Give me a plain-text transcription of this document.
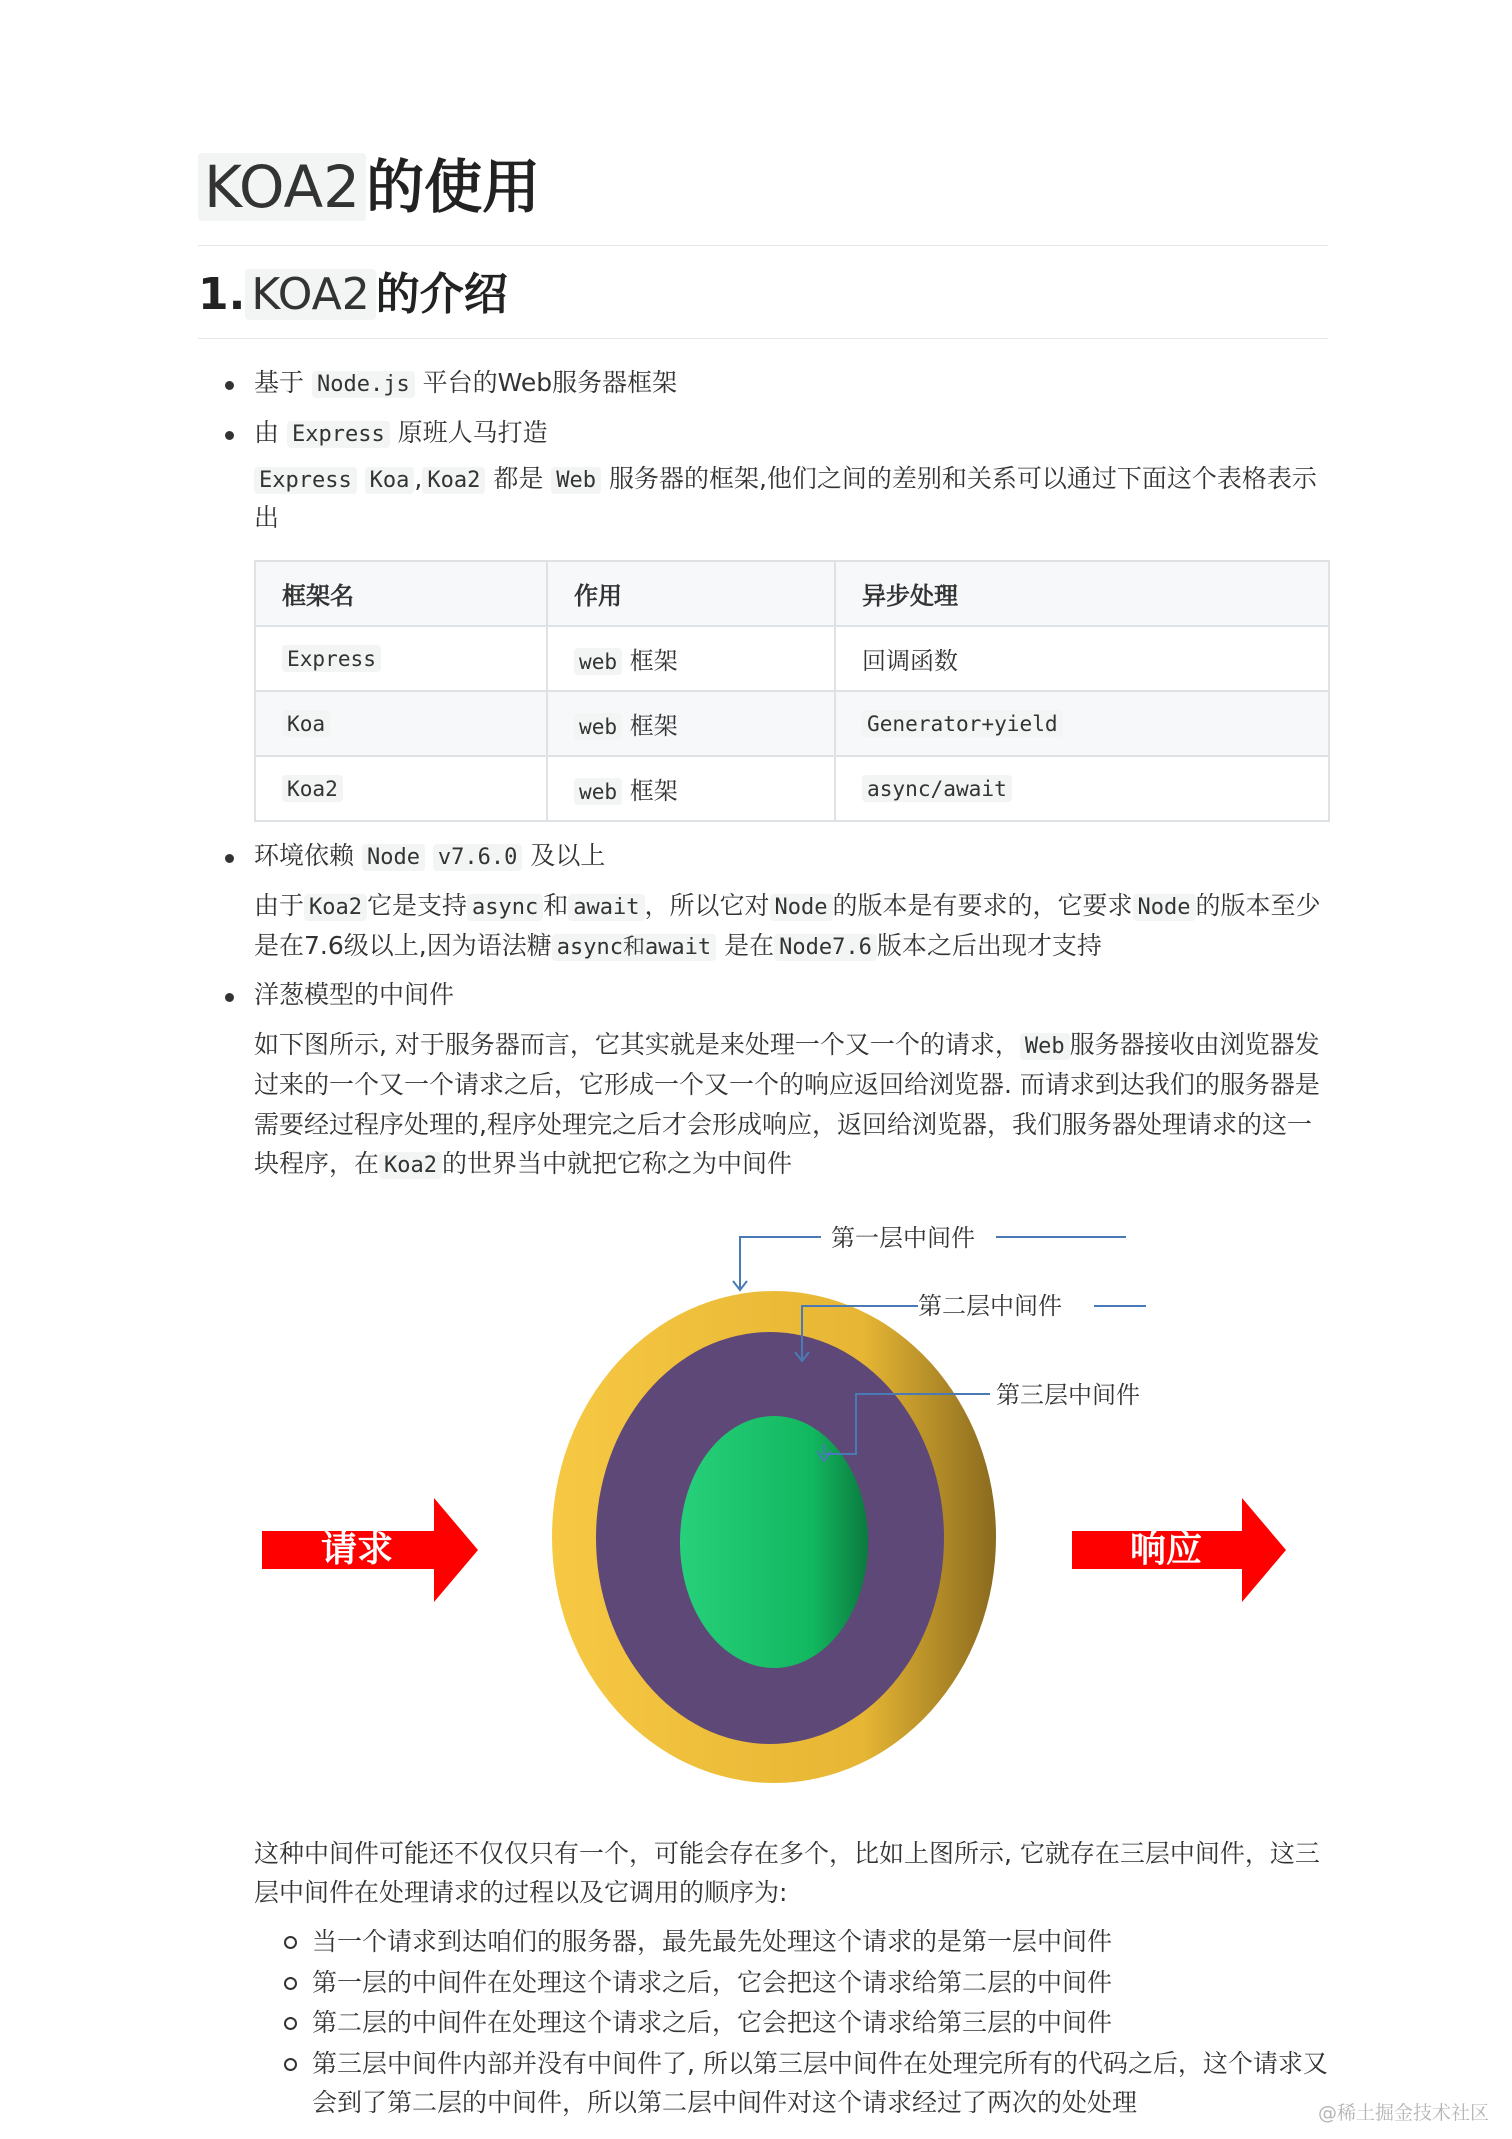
KOA2 的使用
1. KOA2 的介绍
基于 Node.js 平台的Web服务器框架
由 Express 原班人马打造

Express Koa , Koa2 都是 Web 服务器的框架,他们之间的差别和关系可以通过下面这个表格表示出

框架名	作用	异步处理
Express	web 框架	回调函数
Koa	web 框架	Generator+yield
Koa2	web 框架	async/await
环境依赖 Node v7.6.0 及以上

由于 Koa2 它是支持 async 和 await ，所以它对 Node 的版本是有要求的，它要求 Node 的版本至少是在7.6级以上,因为语法糖 async和await 是在 Node7.6 版本之后出现才支持

洋葱模型的中间件

如下图所示, 对于服务器而言，它其实就是来处理一个又一个的请求， Web 服务器接收由浏览器发过来的一个又一个请求之后，它形成一个又一个的响应返回给浏览器. 而请求到达我们的服务器是需要经过程序处理的,程序处理完之后才会形成响应，返回给浏览器，我们服务器处理请求的这一块程序，在 Koa2 的世界当中就把它称之为中间件

请求	响应
第一层中间件
第二层中间件
第三层中间件

这种中间件可能还不仅仅只有一个，可能会存在多个，比如上图所示, 它就存在三层中间件，这三层中间件在处理请求的过程以及它调用的顺序为:

当一个请求到达咱们的服务器，最先最先处理这个请求的是第一层中间件
第一层的中间件在处理这个请求之后，它会把这个请求给第二层的中间件
第二层的中间件在处理这个请求之后，它会把这个请求给第三层的中间件
第三层中间件内部并没有中间件了, 所以第三层中间件在处理完所有的代码之后，这个请求又会到了第二层的中间件，所以第二层中间件对这个请求经过了两次的处处理	@稀土掘金技术社区
